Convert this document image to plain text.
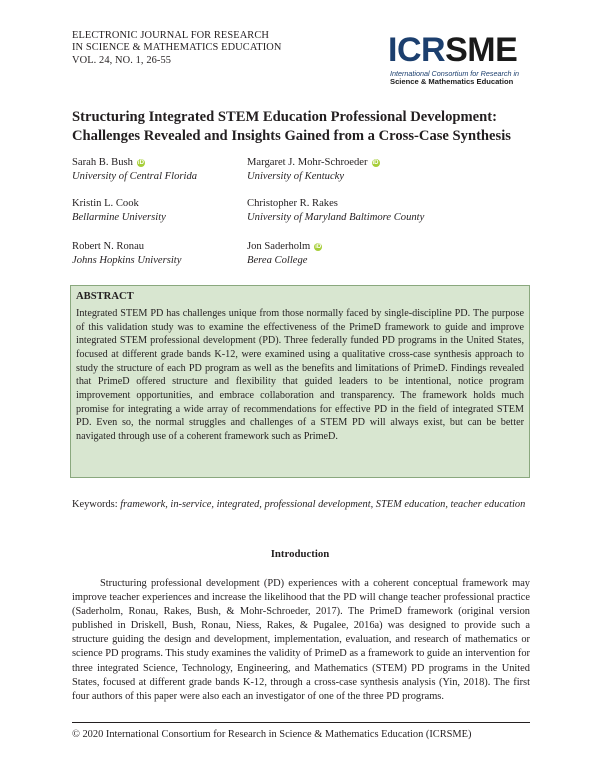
ELECTRONIC JOURNAL FOR RESEARCH
IN SCIENCE & MATHEMATICS EDUCATION
VOL. 24, NO. 1, 26-55	ICRSME
International Consortium for Research in
Science & Mathematics Education
Structuring Integrated STEM Education Professional Development: Challenges Revealed and Insights Gained from a Cross-Case Synthesis
Sarah B. Bush iD
University of Central Florida
Margaret J. Mohr-Schroeder iD
University of Kentucky
Kristin L. Cook
Bellarmine University
Christopher R. Rakes
University of Maryland Baltimore County
Robert N. Ronau
Johns Hopkins University
Jon Saderholm iD
Berea College
ABSTRACT
Integrated STEM PD has challenges unique from those normally faced by single-discipline PD. The purpose of this validation study was to examine the effectiveness of the PrimeD framework to guide and improve integrated STEM professional development (PD). Three federally funded PD programs in the United States, focused at different grade bands K-12, were examined using a qualitative cross-case synthesis approach to study the structure of each PD program as well as the benefits and limitations of PrimeD. Findings revealed that PrimeD offered structure and flexibility that guided leaders to be intentional, notice program improvement opportunities, and embrace collaboration and transparency. The framework holds much promise for integrating a wide array of recommendations for effective PD in the field of integrated STEM PD. Even so, the normal struggles and challenges of a STEM PD will always exist, but can be better navigated through use of a coherent framework such as PrimeD.
Keywords: framework, in-service, integrated, professional development, STEM education, teacher education
Introduction

Structuring professional development (PD) experiences with a coherent conceptual framework may improve teacher experiences and increase the likelihood that the PD will change teacher professional practice (Saderholm, Ronau, Rakes, Bush, & Mohr-Schroeder, 2017). The PrimeD framework (original version published in Driskell, Bush, Ronau, Niess, Rakes, & Pugalee, 2016a) was designed to provide such a structure guiding the design and development, implementation, evaluation, and research of mathematics or science PD programs. This study examines the validity of PrimeD as a framework to guide an intervention for three integrated Science, Technology, Engineering, and Mathematics (STEM) PD programs in the United States, focused at different grade bands K-12, through a cross-case synthesis analysis (Yin, 2018). The first four authors of this paper were also each an investigator of one of the three PD programs.

© 2020 International Consortium for Research in Science & Mathematics Education (ICRSME)
